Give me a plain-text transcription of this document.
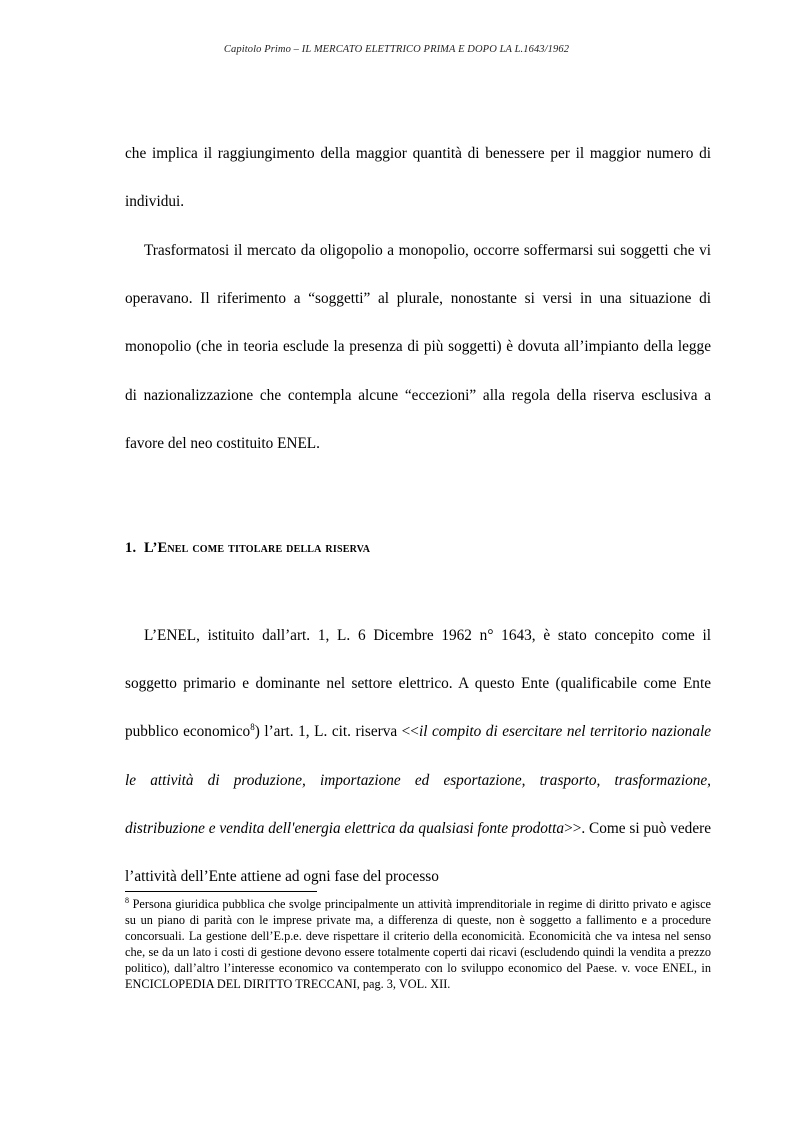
Capitolo Primo – IL MERCATO ELETTRICO PRIMA E DOPO LA L.1643/1962

che implica il raggiungimento della maggior quantità di benessere per il maggior numero di individui.

Trasformatosi il mercato da oligopolio a monopolio, occorre soffermarsi sui soggetti che vi operavano. Il riferimento a “soggetti” al plurale, nonostante si versi in una situazione di monopolio (che in teoria esclude la presenza di più soggetti) è dovuta all’impianto della legge di nazionalizzazione che contempla alcune “eccezioni” alla regola della riserva esclusiva a favore del neo costituito ENEL.

1. L’Enel come titolare della riserva

L’ENEL, istituito dall’art. 1, L. 6 Dicembre 1962 n° 1643, è stato concepito come il soggetto primario e dominante nel settore elettrico. A questo Ente (qualificabile come Ente pubblico economico$^8$) l’art. 1, L. cit. riserva <<il compito di esercitare nel territorio nazionale le attività di produzione, importazione ed esportazione, trasporto, trasformazione, distribuzione e vendita dell'energia elettrica da qualsiasi fonte prodotta>>. Come si può vedere l’attività dell’Ente attiene ad ogni fase del processo

$^8$ Persona giuridica pubblica che svolge principalmente un attività imprenditoriale in regime di diritto privato e agisce su un piano di parità con le imprese private ma, a differenza di queste, non è soggetto a fallimento e a procedure concorsuali. La gestione dell’E.p.e. deve rispettare il criterio della economicità. Economicità che va intesa nel senso che, se da un lato i costi di gestione devono essere totalmente coperti dai ricavi (escludendo quindi la vendita a prezzo politico), dall’altro l’interesse economico va contemperato con lo sviluppo economico del Paese. v. voce ENEL, in ENCICLOPEDIA DEL DIRITTO TRECCANI, pag. 3, VOL. XII.
